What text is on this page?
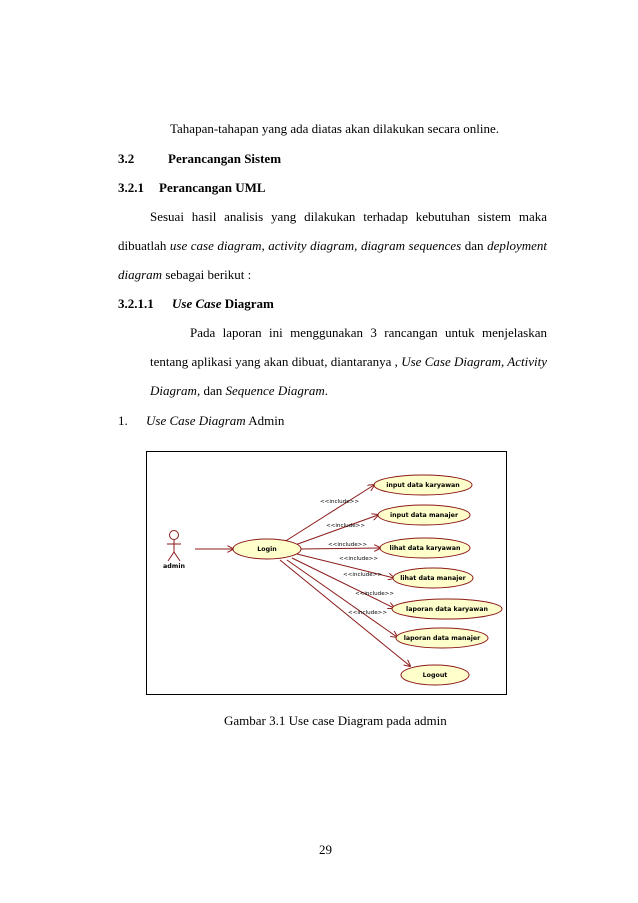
Tahapan-tahapan yang ada diatas akan dilakukan secara online.
3.2	Perancangan Sistem
3.2.1 Perancangan UML
Sesuai hasil analisis yang dilakukan terhadap kebutuhan sistem maka
dibuatlah use case diagram, activity diagram, diagram sequences dan deployment
diagram sebagai berikut :
3.2.1.1 Use Case Diagram
Pada laporan ini menggunakan 3 rancangan untuk menjelaskan
tentang aplikasi yang akan dibuat, diantaranya , Use Case Diagram, Activity
Diagram, dan Sequence Diagram.
1. Use Case Diagram Admin
admin
<<include>>
<<include>>
<<include>>
<<include>>
<<include>>
<<include>>
<<include>>
Login
input data karyawan
input data manajer
lihat data karyawan
lihat data manajer
laporan data karyawan
laporan data manajer
Logout
Gambar 3.1 Use case Diagram pada admin
29
